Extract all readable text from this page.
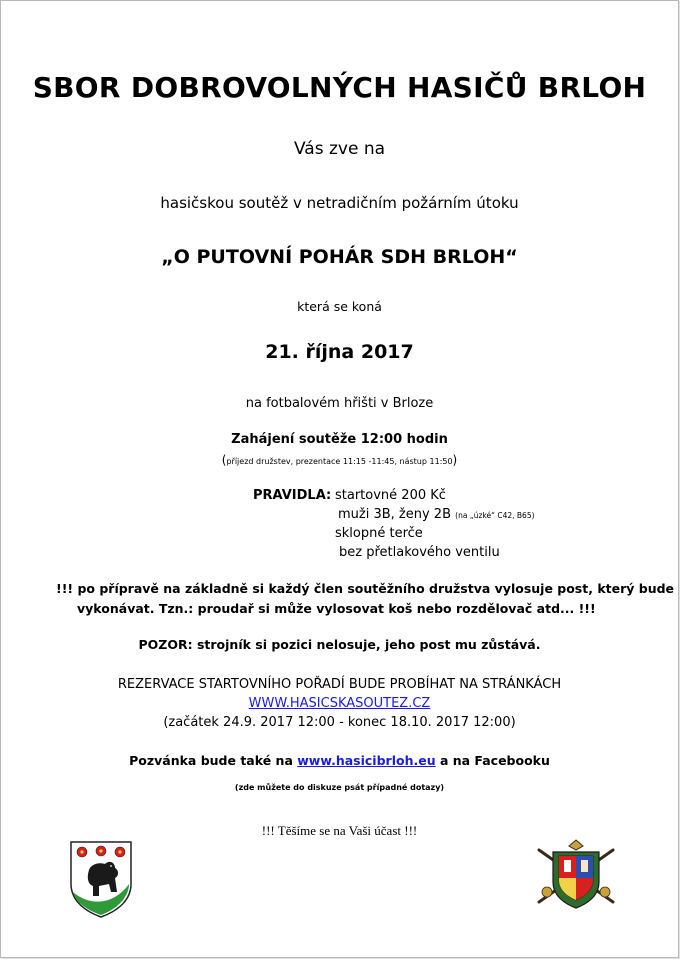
SBOR DOBROVOLNÝCH HASIČŮ BRLOH
Vás zve na
hasičskou soutěž v netradičním požárním útoku
„O PUTOVNÍ POHÁR SDH BRLOH“
která se koná
21. října 2017
na fotbalovém hřišti v Brloze
Zahájení soutěže 12:00 hodin
(příjezd družstev, prezentace 11:15 -11:45, nástup 11:50)
PRAVIDLA: startovné 200 Kč
muži 3B, ženy 2B (na „úzké“ C42, B65)
sklopné terče
bez přetlakového ventilu
!!! po přípravě na základně si každý člen soutěžního družstva vylosuje post, který bude
vykonávat. Tzn.: proudař si může vylosovat koš nebo rozdělovač atd... !!!
POZOR: strojník si pozici nelosuje, jeho post mu zůstává.
REZERVACE STARTOVNÍHO POŘADÍ BUDE PROBÍHAT NA STRÁNKÁCH
WWW.HASICSKASOUTEZ.CZ
(začátek 24.9. 2017 12:00 - konec 18.10. 2017 12:00)
Pozvánka bude také na www.hasicibrloh.eu a na Facebooku
(zde můžete do diskuze psát případné dotazy)
!!! Těšíme se na Vaši účast !!!
